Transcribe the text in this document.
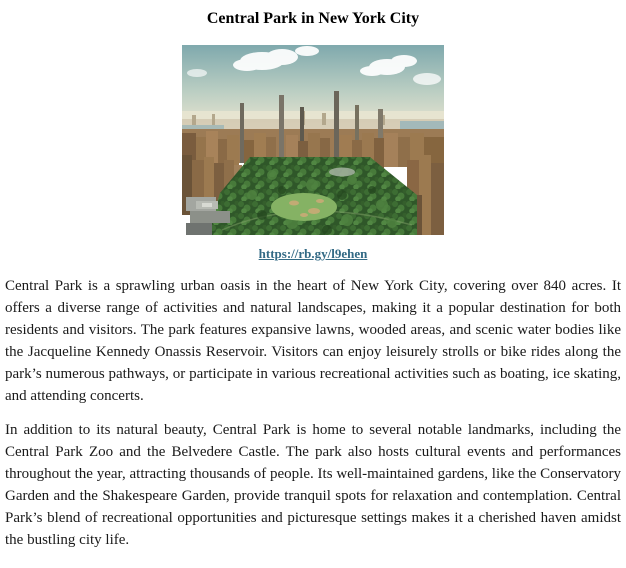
Central Park in New York City
https://rb.gy/l9ehen

Central Park is a sprawling urban oasis in the heart of New York City, covering over 840 acres. It offers a diverse range of activities and natural landscapes, making it a popular destination for both residents and visitors. The park features expansive lawns, wooded areas, and scenic water bodies like the Jacqueline Kennedy Onassis Reservoir. Visitors can enjoy leisurely strolls or bike rides along the park’s numerous pathways, or participate in various recreational activities such as boating, ice skating, and attending concerts.

In addition to its natural beauty, Central Park is home to several notable landmarks, including the Central Park Zoo and the Belvedere Castle. The park also hosts cultural events and performances throughout the year, attracting thousands of people. Its well-maintained gardens, like the Conservatory Garden and the Shakespeare Garden, provide tranquil spots for relaxation and contemplation. Central Park’s blend of recreational opportunities and picturesque settings makes it a cherished haven amidst the bustling city life.
